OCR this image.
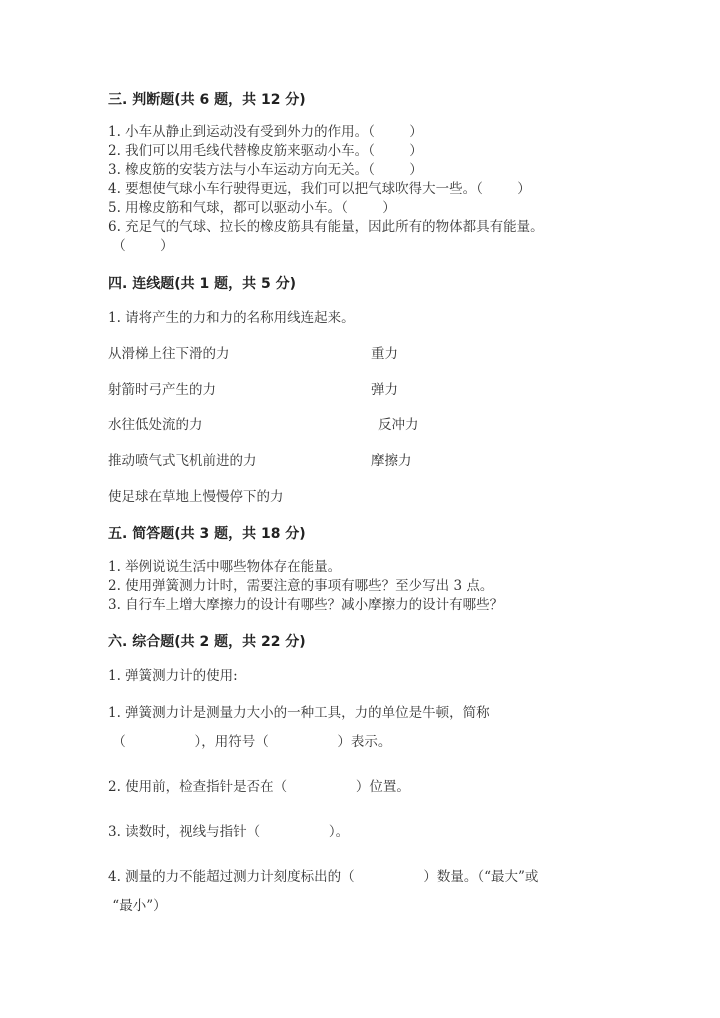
三. 判断题(共 6 题，共 12 分)
1. 小车从静止到运动没有受到外力的作用。（        ）
2. 我们可以用毛线代替橡皮筋来驱动小车。（        ）
3. 橡皮筋的安装方法与小车运动方向无关。（        ）
4. 要想使气球小车行驶得更远，我们可以把气球吹得大一些。（        ）
5. 用橡皮筋和气球，都可以驱动小车。（        ）
6. 充足气的气球、拉长的橡皮筋具有能量，因此所有的物体都具有能量。
（        ）
四. 连线题(共 1 题，共 5 分)
1. 请将产生的力和力的名称用线连起来。
从滑梯上往下滑的力
射箭时弓产生的力
水往低处流的力
推动喷气式飞机前进的力
使足球在草地上慢慢停下的力
重力
弹力
反冲力
摩擦力
五. 简答题(共 3 题，共 18 分)
1. 举例说说生活中哪些物体存在能量。
2. 使用弹簧测力计时，需要注意的事项有哪些？至少写出 3 点。
3. 自行车上增大摩擦力的设计有哪些？减小摩擦力的设计有哪些？
六. 综合题(共 2 题，共 22 分)
1. 弹簧测力计的使用:
1. 弹簧测力计是测量力大小的一种工具，力的单位是牛顿，简称
（                ），用符号（                ）表示。
2. 使用前，检查指针是否在（                ）位置。
3. 读数时，视线与指针（                ）。
4. 测量的力不能超过测力计刻度标出的（                ）数量。（“最大”或
“最小”）
